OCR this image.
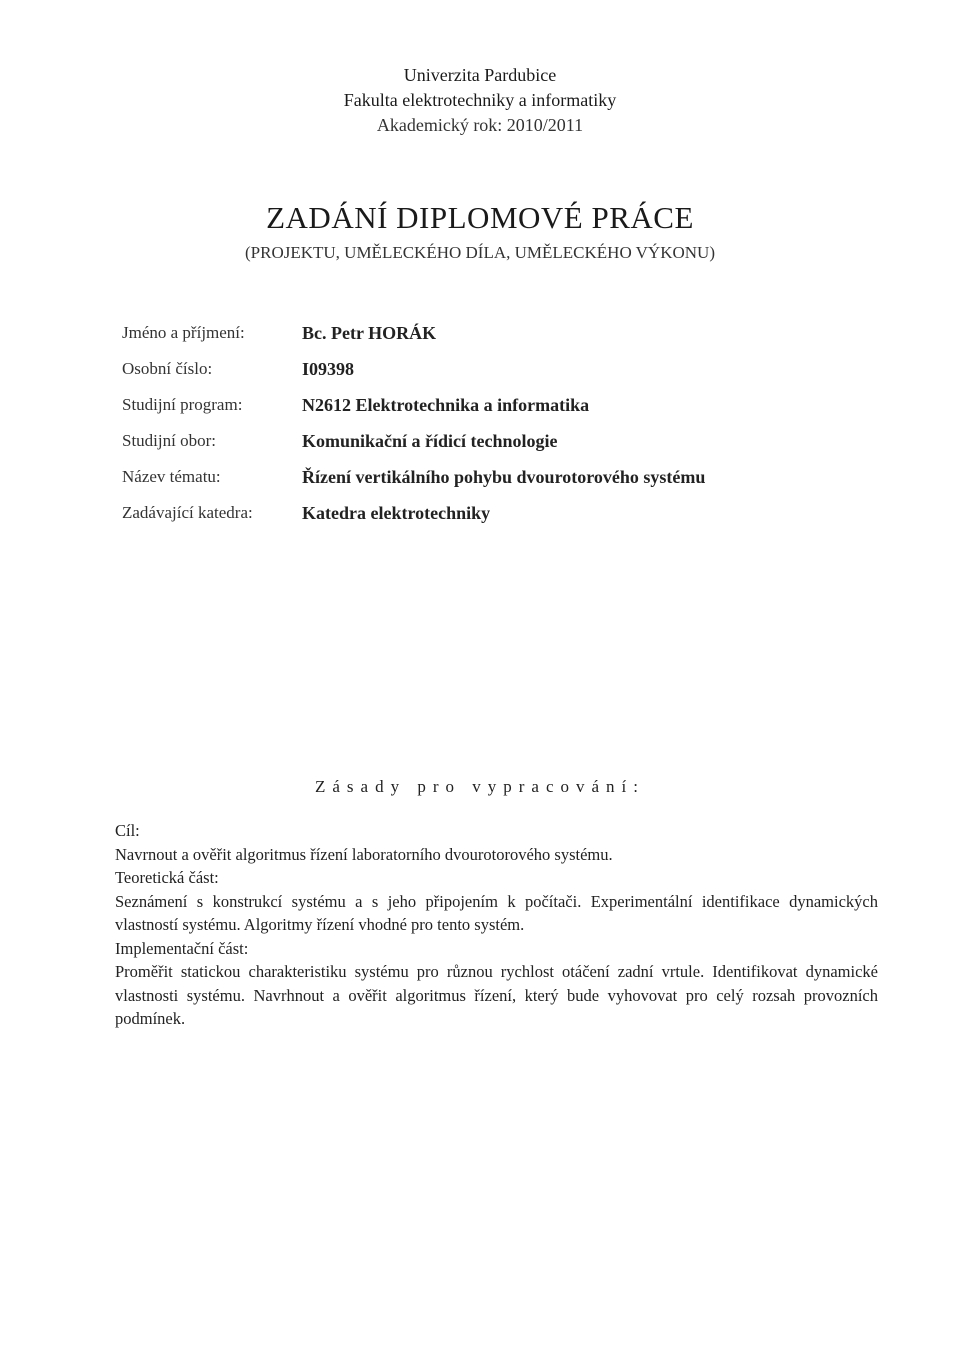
Univerzita Pardubice
Fakulta elektrotechniky a informatiky
Akademický rok: 2010/2011
ZADÁNÍ DIPLOMOVÉ PRÁCE
(PROJEKTU, UMĚLECKÉHO DÍLA, UMĚLECKÉHO VÝKONU)
Jméno a příjmení:	Bc. Petr HORÁK
Osobní číslo:	I09398
Studijní program:	N2612 Elektrotechnika a informatika
Studijní obor:	Komunikační a řídicí technologie
Název tématu:	Řízení vertikálního pohybu dvourotorového systému
Zadávající katedra:	Katedra elektrotechniky
Zásady pro vypracování:

Cíl:

Navrnout a ověřit algoritmus řízení laboratorního dvourotorového systému.

Teoretická část:

Seznámení s konstrukcí systému a s jeho připojením k počítači. Experimentální identifikace dynamických vlastností systému. Algoritmy řízení vhodné pro tento systém.

Implementační část:

Proměřit statickou charakteristiku systému pro různou rychlost otáčení zadní vrtule. Identifikovat dynamické vlastnosti systému. Navrhnout a ověřit algoritmus řízení, který bude vyhovovat pro celý rozsah provozních podmínek.
